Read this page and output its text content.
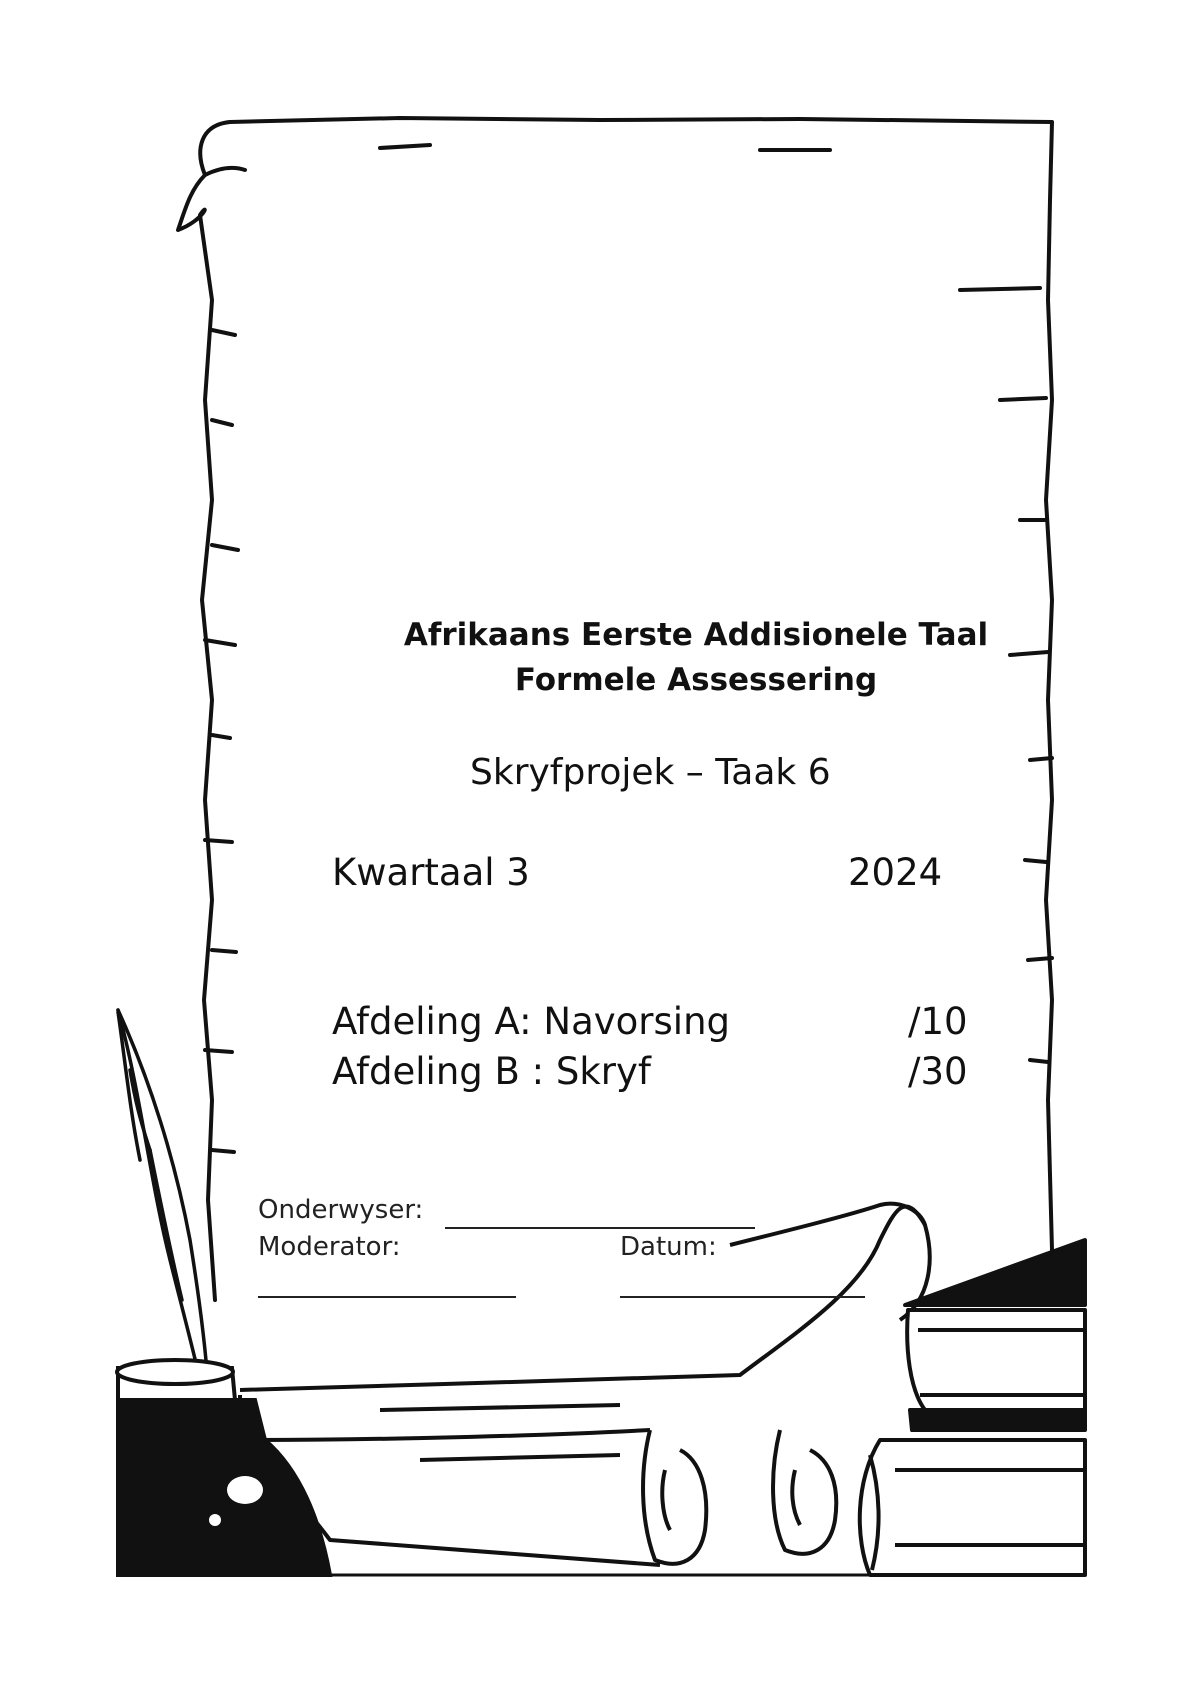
Afrikaans Eerste Addisionele Taal
Formele Assessering
Skryfprojek – Taak 6
Kwartaal 3	2024
Afdeling A: Navorsing	/10
Afdeling B : Skryf	/30
Onderwyser:
Moderator:	Datum:
